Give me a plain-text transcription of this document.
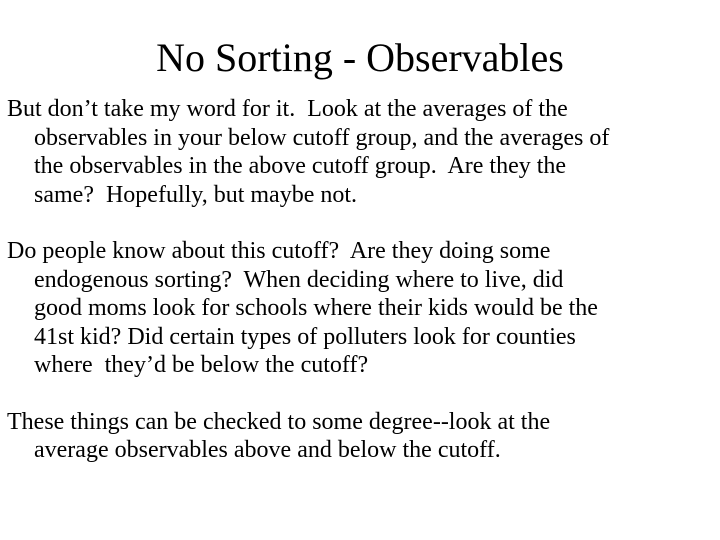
No Sorting - Observables

But don’t take my word for it.  Look at the averages of the
observables in your below cutoff group, and the averages of
the observables in the above cutoff group.  Are they the
same?  Hopefully, but maybe not.

Do people know about this cutoff?  Are they doing some
endogenous sorting?  When deciding where to live, did
good moms look for schools where their kids would be the
41st kid? Did certain types of polluters look for counties
where  they’d be below the cutoff?

These things can be checked to some degree--look at the
average observables above and below the cutoff.
